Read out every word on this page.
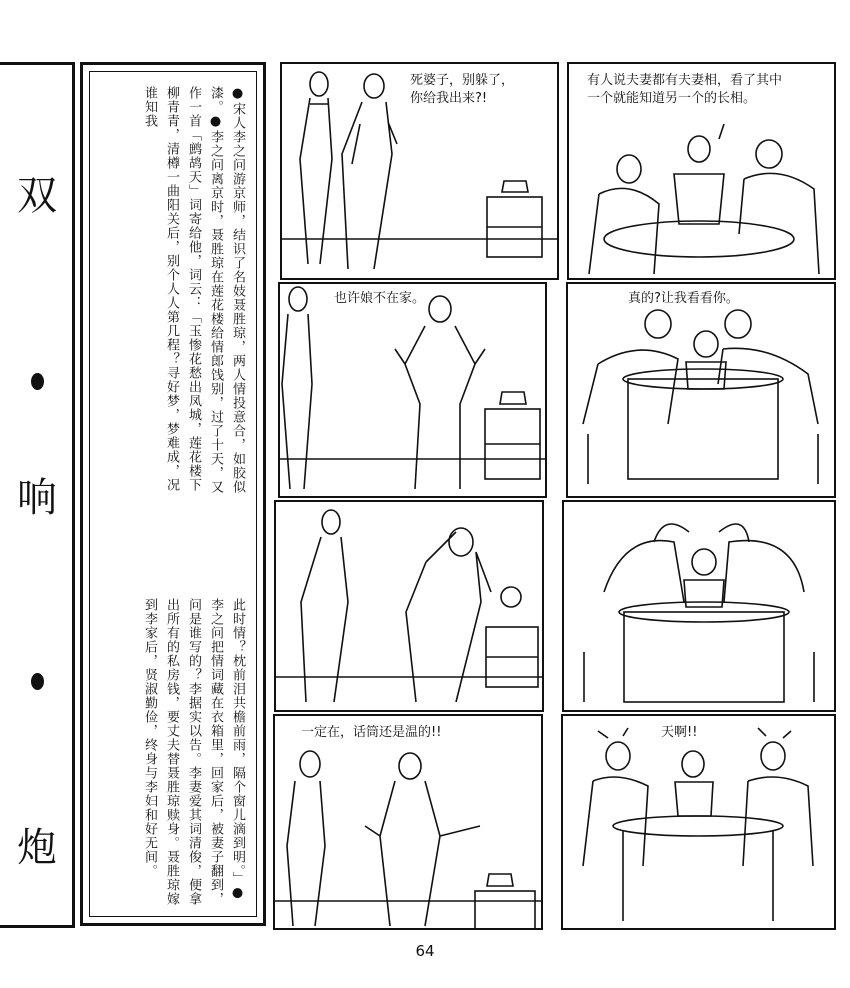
双
响
炮
●宋人李之问游京师，结识了名妓聂胜琼，两人情投意合，如胶似漆。●李之问离京时，聂胜琼在莲花楼给情郎饯别，过了十天，又作一首「鹧鸪天」词寄给他，词云：「玉惨花愁出凤城，莲花楼下柳青青，清樽一曲阳关后，别个人人第几程？寻好梦，梦难成，况谁知我
此时情？枕前泪共檐前雨，隔个窗儿滴到明。」●李之问把情词藏在衣箱里，回家后，被妻子翻到，问是谁写的？李据实以告。李妻爱其词清俊，便拿出所有的私房钱，要丈夫替聂胜琼赎身。聂胜琼嫁到李家后，贤淑勤俭，终身与李妇和好无间。
死婆子，别躲了，
你给我出来?!
有人说夫妻都有夫妻相，看了其中
一个就能知道另一个的长相。
也许娘不在家。	真的?让我看看你。
一定在，话筒还是温的!!	天啊!!
64
